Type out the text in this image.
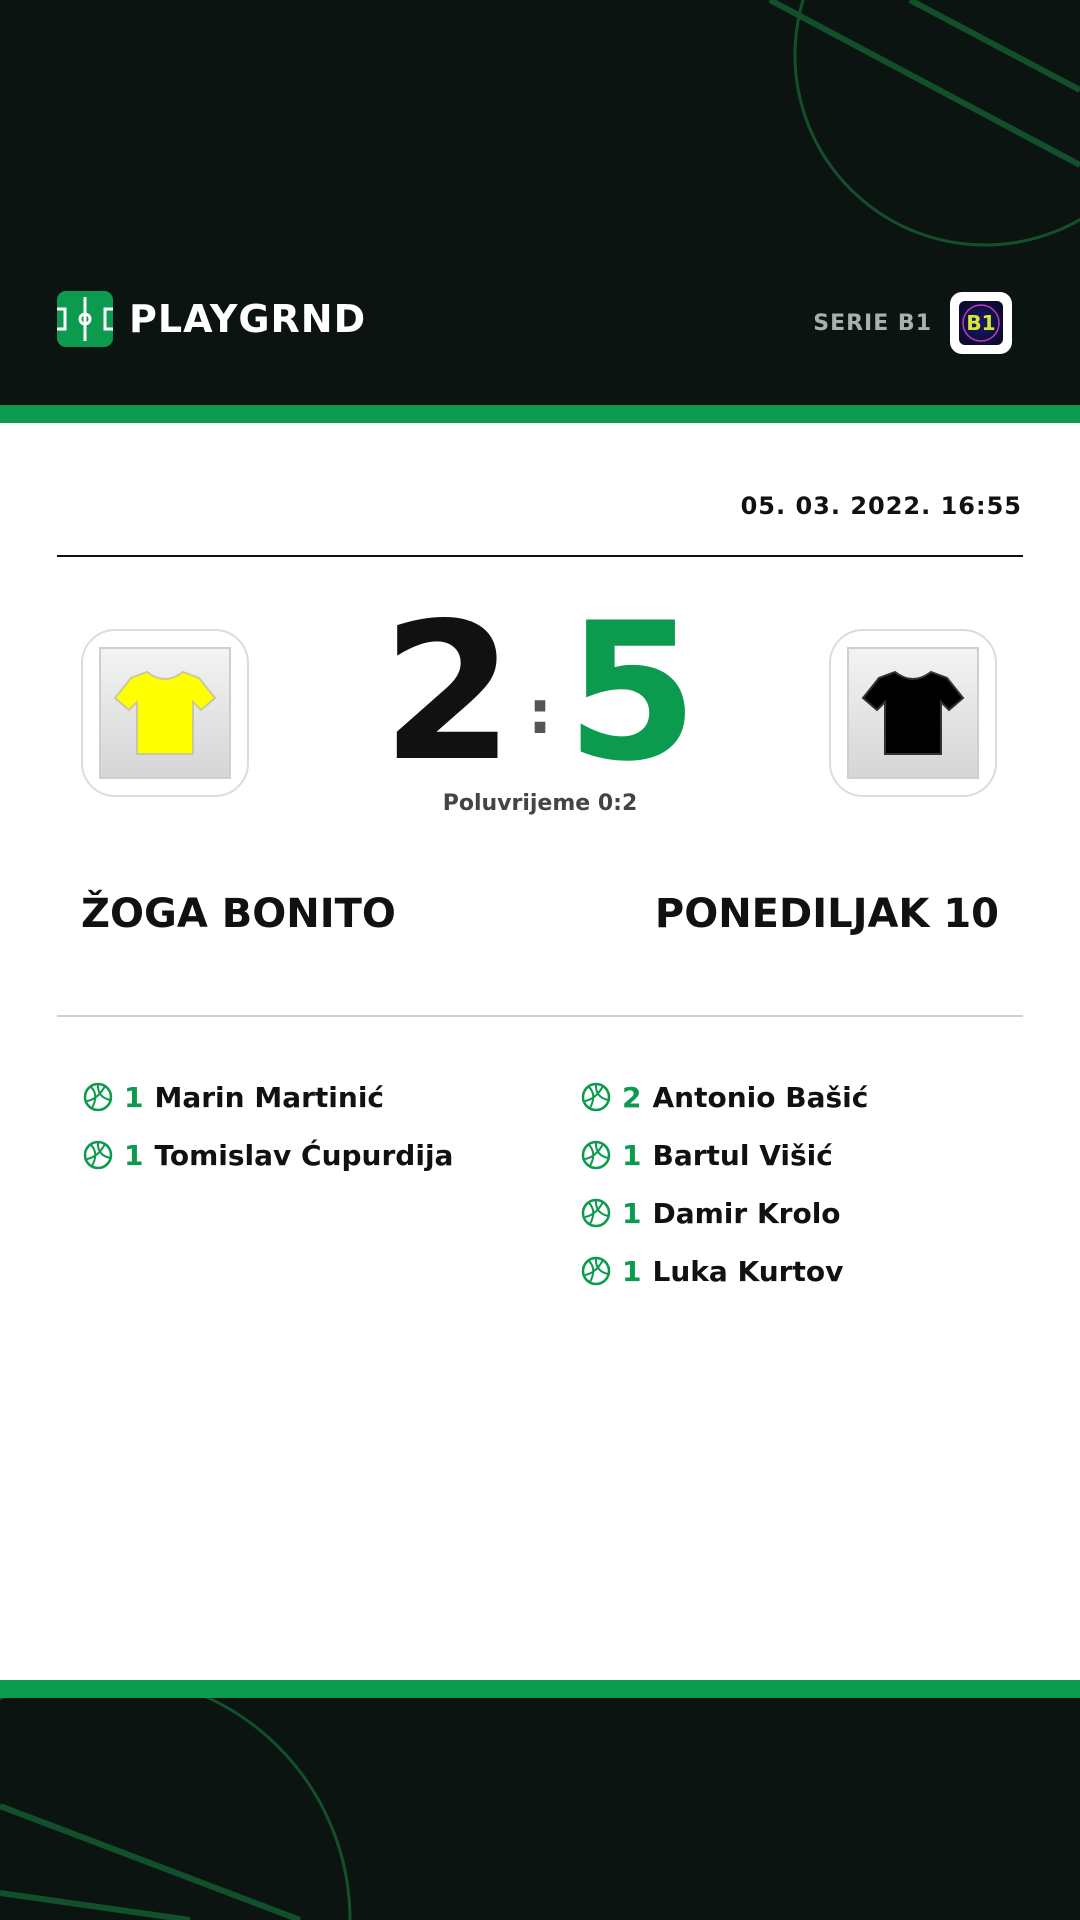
PLAYGRND	SERIE B1 B1
05. 03. 2022. 16:55
2 : 5
Poluvrijeme 0:2
ŽOGA BONITO	PONEDILJAK 10
1 Marin Martinić
1 Tomislav Ćupurdija
2 Antonio Bašić
1 Bartul Višić
1 Damir Krolo
1 Luka Kurtov
